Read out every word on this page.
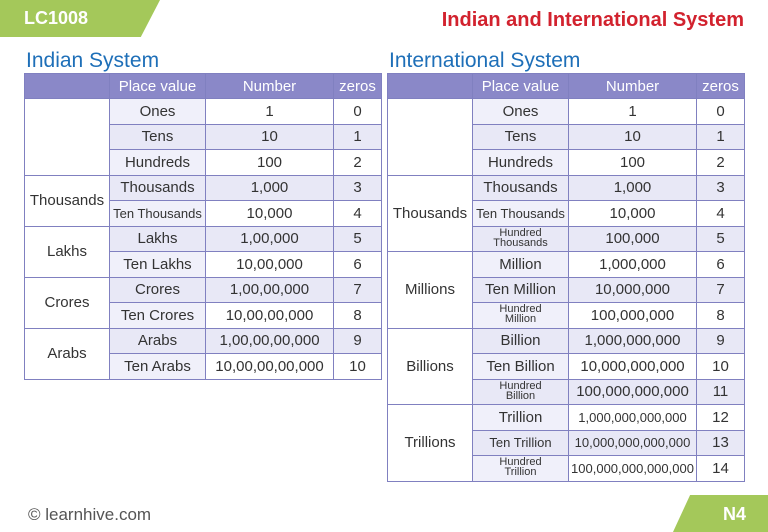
LC1008	Indian and International System
Indian System	International System
	Place value	Number	zeros
	Ones	1	0
	Tens	10	1
	Hundreds	100	2
Thousands	Thousands	1,000	3
	Ten Thousands	10,000	4
Lakhs	Lakhs	1,00,000	5
	Ten Lakhs	10,00,000	6
Crores	Crores	1,00,00,000	7
	Ten Crores	10,00,00,000	8
Arabs	Arabs	1,00,00,00,000	9
	Ten Arabs	10,00,00,00,000	10
	Place value	Number	zeros
	Ones	1	0
	Tens	10	1
	Hundreds	100	2
Thousands	Thousands	1,000	3
	Ten Thousands	10,000	4
	Hundred Thousands	100,000	5
Millions	Million	1,000,000	6
	Ten Million	10,000,000	7
	Hundred Million	100,000,000	8
Billions	Billion	1,000,000,000	9
	Ten Billion	10,000,000,000	10
	Hundred Billion	100,000,000,000	11
Trillions	Trillion	1,000,000,000,000	12
	Ten Trillion	10,000,000,000,000	13
	Hundred Trillion	100,000,000,000,000	14
© learnhive.com	N4
